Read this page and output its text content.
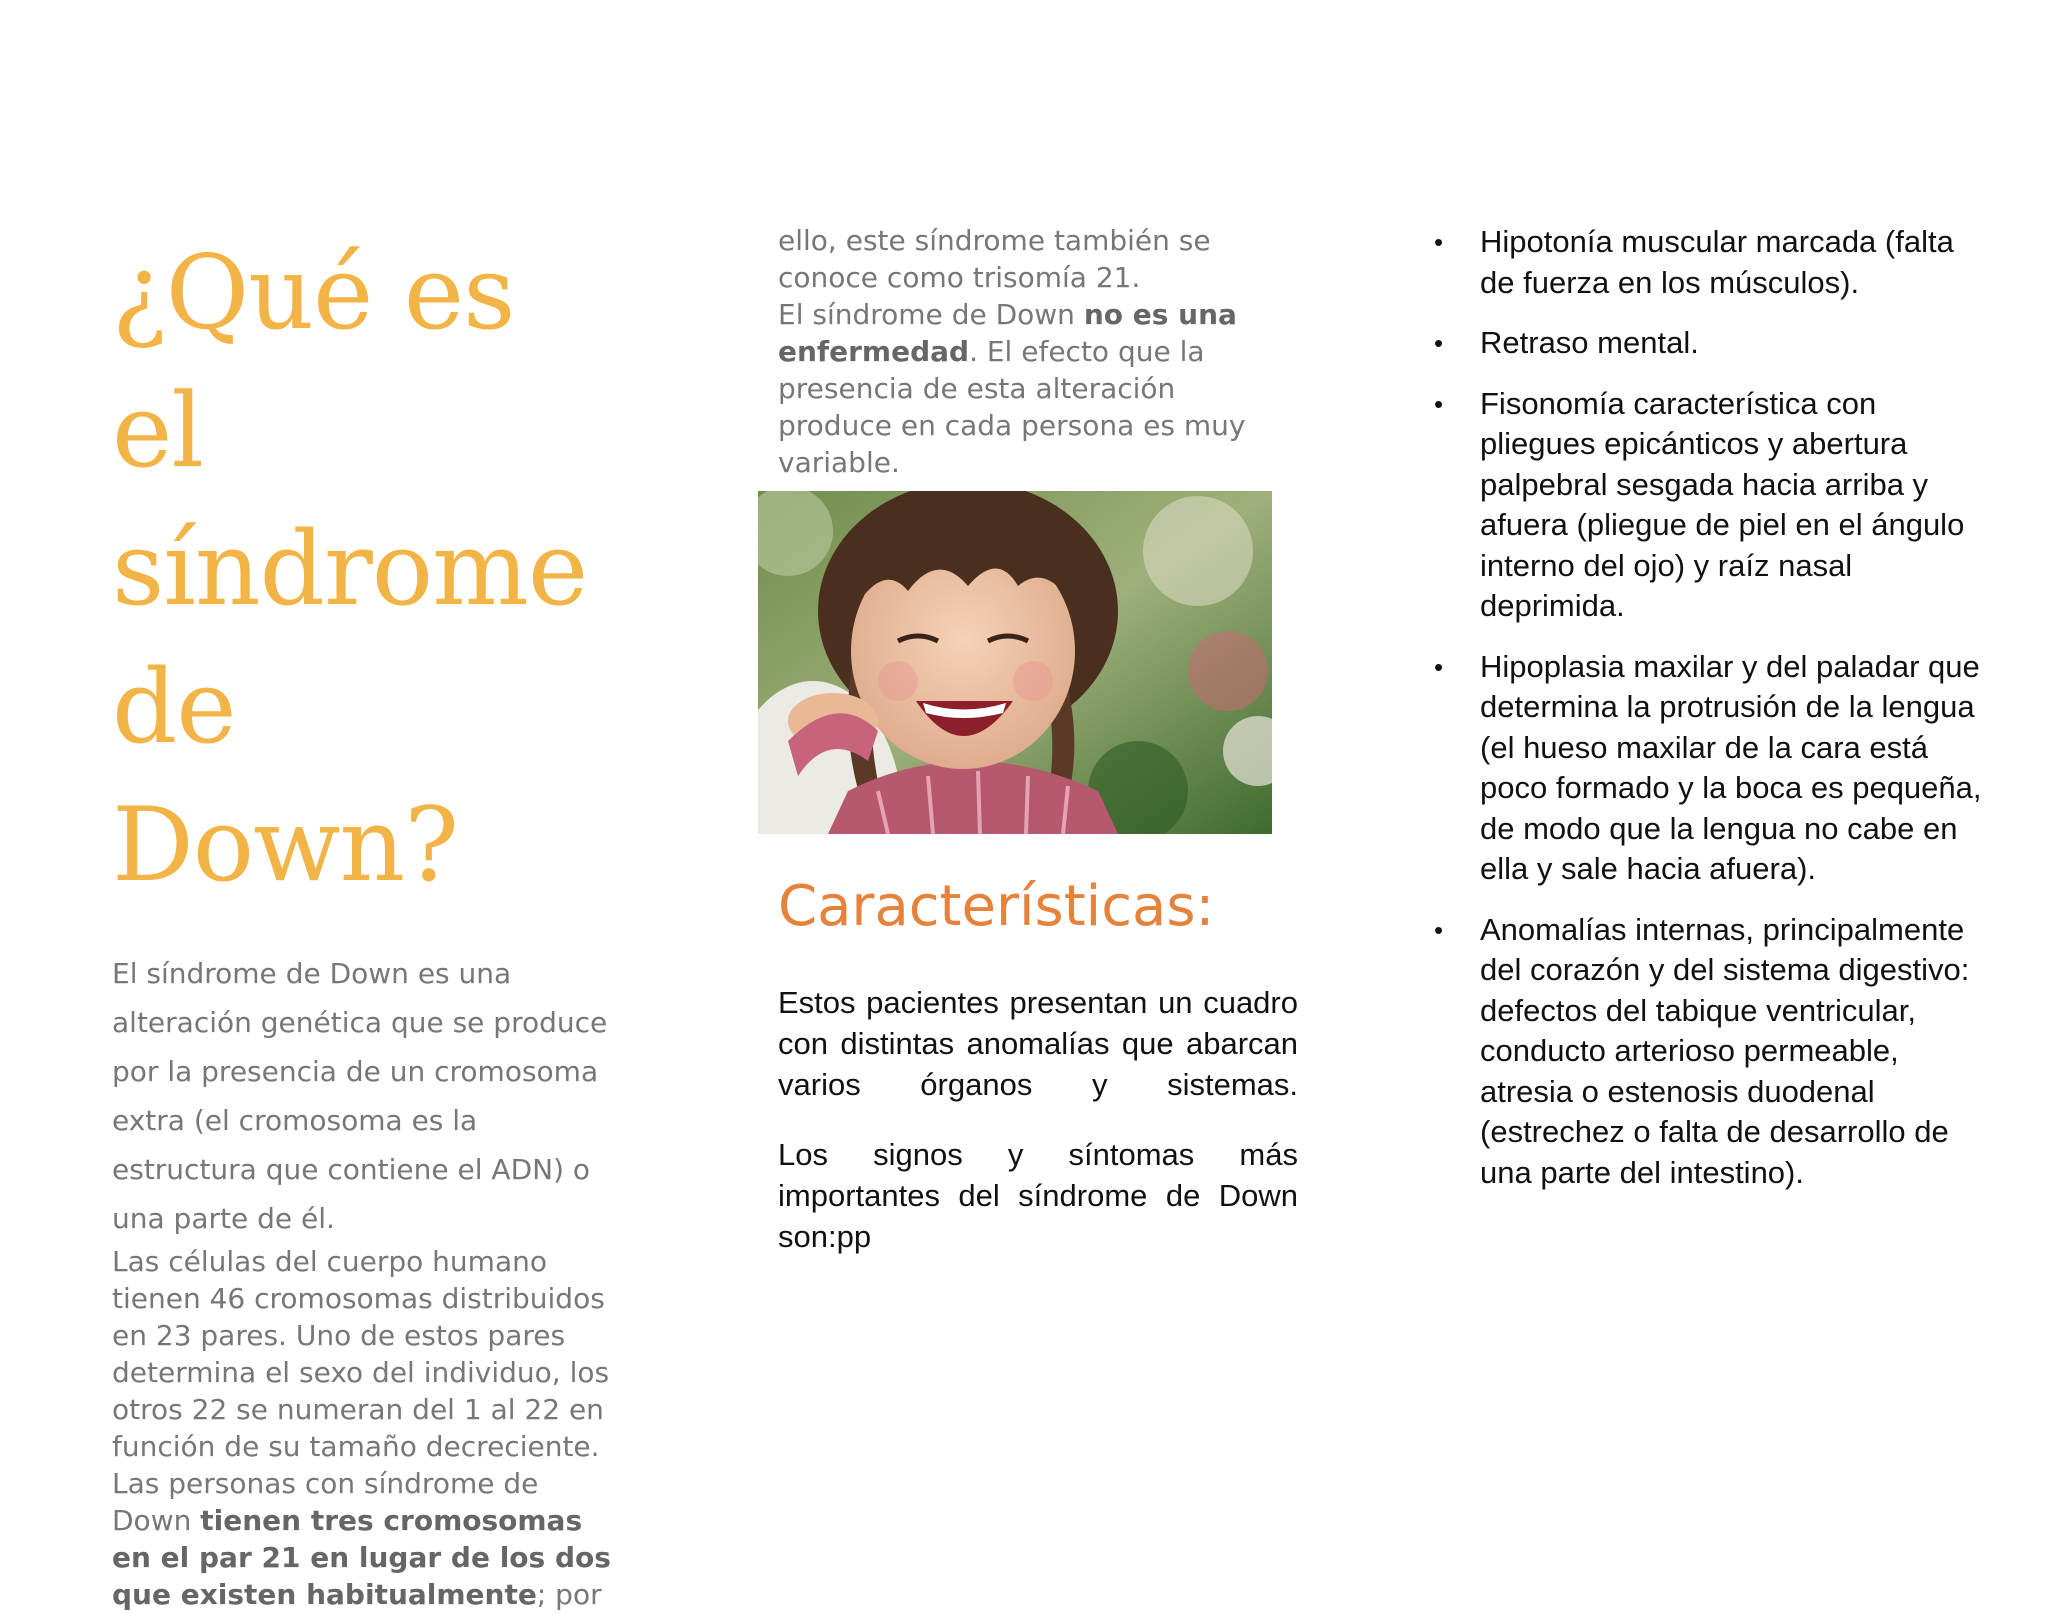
¿Qué es el
síndrome
de Down?
El síndrome de Down es una alteración genética que se produce por la presencia de un cromosoma extra (el cromosoma es la estructura que contiene el ADN) o una parte de él.
Las células del cuerpo humano tienen 46 cromosomas distribuidos en 23 pares. Uno de estos pares determina el sexo del individuo, los otros 22 se numeran del 1 al 22 en función de su tamaño decreciente. Las personas con síndrome de Down tienen tres cromosomas en el par 21 en lugar de los dos que existen habitualmente; por
ello, este síndrome también se conoce como trisomía 21.
El síndrome de Down no es una enfermedad. El efecto que la presencia de esta alteración produce en cada persona es muy variable.
Características:

Estos pacientes presentan un cuadro con distintas anomalías que abarcan varios órganos y sistemas.

Los signos y síntomas más importantes del síndrome de Down son:pp

• Hipotonía muscular marcada (falta de fuerza en los músculos).
• Retraso mental.
• Fisonomía característica con pliegues epicánticos y abertura palpebral sesgada hacia arriba y afuera (pliegue de piel en el ángulo interno del ojo) y raíz nasal deprimida.
• Hipoplasia maxilar y del paladar que determina la protrusión de la lengua (el hueso maxilar de la cara está poco formado y la boca es pequeña, de modo que la lengua no cabe en ella y sale hacia afuera).
• Anomalías internas, principalmente del corazón y del sistema digestivo: defectos del tabique ventricular, conducto arterioso permeable, atresia o estenosis duodenal (estrechez o falta de desarrollo de una parte del intestino).
